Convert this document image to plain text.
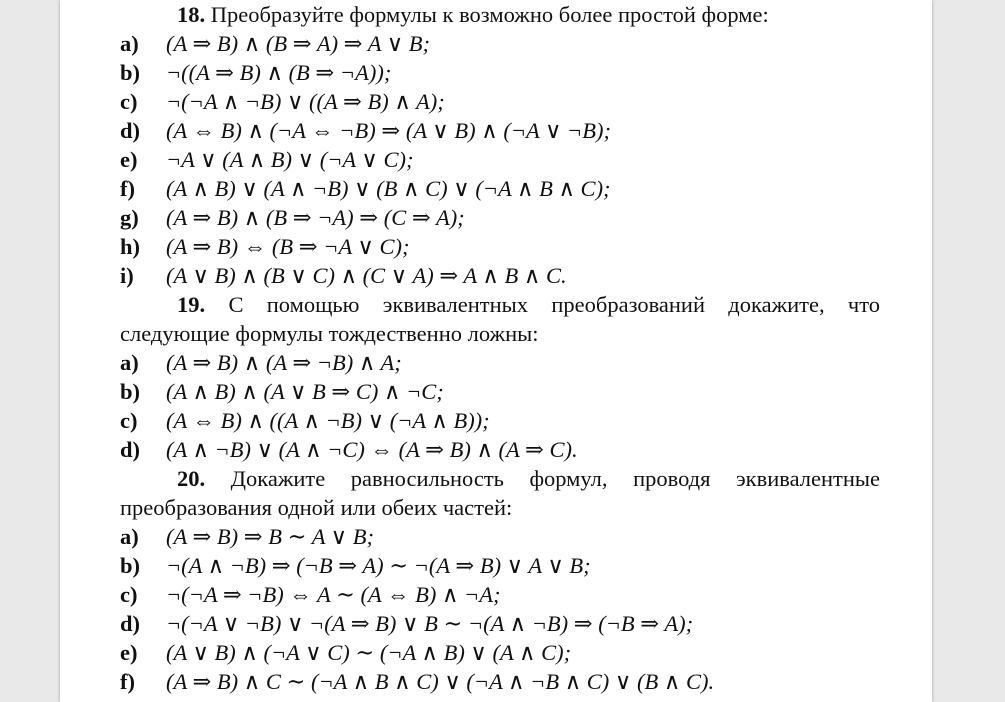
18. Преобразуйте формулы к возможно более простой форме:
a) (A ⇒ B) ∧ (B ⇒ A) ⇒ A ∨ B;
b) ¬((A ⇒ B) ∧ (B ⇒ ¬A));
c) ¬(¬A ∧ ¬B) ∨ ((A ⇒ B) ∧ A);
d) (A ⇔ B) ∧ (¬A ⇔ ¬B) ⇒ (A ∨ B) ∧ (¬A ∨ ¬B);
e) ¬A ∨ (A ∧ B) ∨ (¬A ∨ C);
f) (A ∧ B) ∨ (A ∧ ¬B) ∨ (B ∧ C) ∨ (¬A ∧ B ∧ C);
g) (A ⇒ B) ∧ (B ⇒ ¬A) ⇒ (C ⇒ A);
h) (A ⇒ B) ⇔ (B ⇒ ¬A ∨ C);
i) (A ∨ B) ∧ (B ∨ C) ∧ (C ∨ A) ⇒ A ∧ B ∧ C.
19. С помощью эквивалентных преобразований докажите, что
следующие формулы тождественно ложны:
a) (A ⇒ B) ∧ (A ⇒ ¬B) ∧ A;
b) (A ∧ B) ∧ (A ∨ B ⇒ C) ∧ ¬C;
c) (A ⇔ B) ∧ ((A ∧ ¬B) ∨ (¬A ∧ B));
d) (A ∧ ¬B) ∨ (A ∧ ¬C) ⇔ (A ⇒ B) ∧ (A ⇒ C).
20. Докажите равносильность формул, проводя эквивалентные
преобразования одной или обеих частей:
a) (A ⇒ B) ⇒ B ∼ A ∨ B;
b) ¬(A ∧ ¬B) ⇒ (¬B ⇒ A) ∼ ¬(A ⇒ B) ∨ A ∨ B;
c) ¬(¬A ⇒ ¬B) ⇔ A ∼ (A ⇔ B) ∧ ¬A;
d) ¬(¬A ∨ ¬B) ∨ ¬(A ⇒ B) ∨ B ∼ ¬(A ∧ ¬B) ⇒ (¬B ⇒ A);
e) (A ∨ B) ∧ (¬A ∨ C) ∼ (¬A ∧ B) ∨ (A ∧ C);
f) (A ⇒ B) ∧ C ∼ (¬A ∧ B ∧ C) ∨ (¬A ∧ ¬B ∧ C) ∨ (B ∧ C).
